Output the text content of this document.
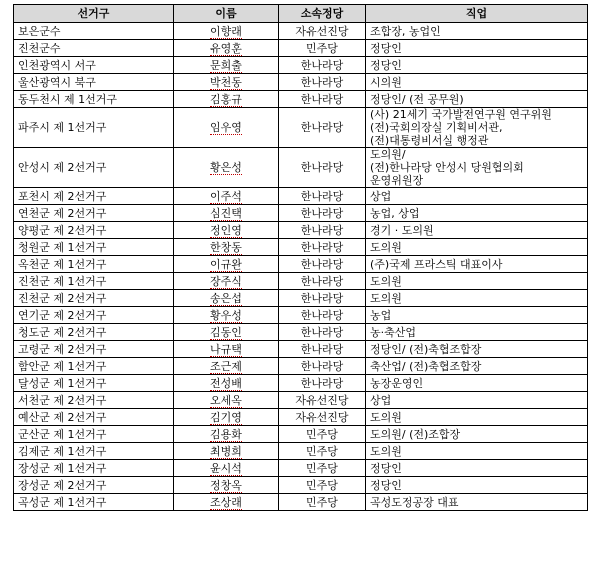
선거구	이름	소속정당	직업
보은군수	이향래	자유선진당	조합장, 농업인
진천군수	유영훈	민주당	정당인
인천광역시 서구	문희출	한나라당	정당인
울산광역시 북구	박천동	한나라당	시의원
동두천시 제 1선거구	김홍규	한나라당	정당인/ (전 공무원)
파주시 제 1선거구	임우영	한나라당	(사) 21세기 국가발전연구원 연구위원
(전)국회의장실 기획비서관,
(전)대통령비서실 행정관
안성시 제 2선거구	황은성	한나라당	도의원/
(전)한나라당 안성시 당원협의회
운영위원장
포천시 제 2선거구	이주석	한나라당	상업
연천군 제 2선거구	심진택	한나라당	농업, 상업
양평군 제 2선거구	정인영	한나라당	경기 · 도의원
청원군 제 1선거구	한창동	한나라당	도의원
옥천군 제 1선거구	이규완	한나라당	(주)국제 프라스틱 대표이사
진천군 제 1선거구	장주식	한나라당	도의원
진천군 제 2선거구	송은섭	한나라당	도의원
연기군 제 2선거구	황우성	한나라당	농업
청도군 제 2선거구	김동인	한나라당	농·축산업
고령군 제 2선거구	나규택	한나라당	정당인/ (전)축협조합장
함안군 제 1선거구	조근제	한나라당	축산업/ (전)축협조합장
달성군 제 1선거구	전성배	한나라당	농장운영인
서천군 제 2선거구	오세옥	자유선진당	상업
예산군 제 2선거구	김기영	자유선진당	도의원
군산군 제 1선거구	김용화	민주당	도의원/ (전)조합장
김제군 제 1선거구	최병희	민주당	도의원
장성군 제 1선거구	윤시석	민주당	정당인
장성군 제 2선거구	정창옥	민주당	정당인
곡성군 제 1선거구	조상래	민주당	곡성도정공장 대표
